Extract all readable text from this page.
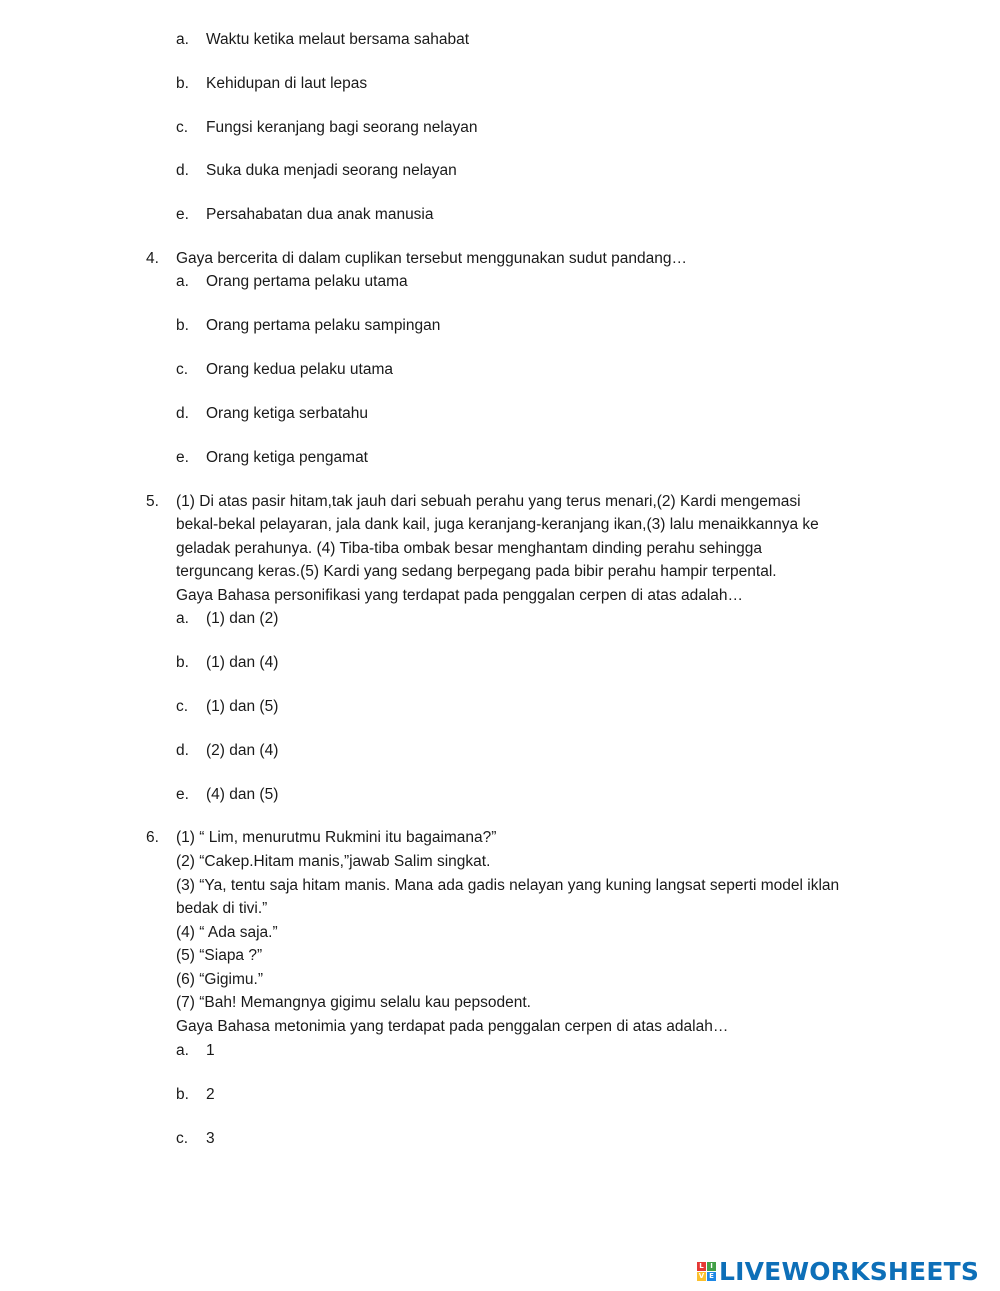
a. Waktu ketika melaut bersama sahabat
b. Kehidupan di laut lepas
c. Fungsi keranjang bagi seorang nelayan
d. Suka duka menjadi seorang nelayan
e. Persahabatan dua anak manusia
4. Gaya bercerita di dalam cuplikan tersebut menggunakan sudut pandang…
a. Orang pertama pelaku utama
b. Orang pertama pelaku sampingan
c. Orang kedua pelaku utama
d. Orang ketiga serbatahu
e. Orang ketiga pengamat
5. (1) Di atas pasir hitam,tak jauh dari sebuah perahu yang terus menari,(2) Kardi mengemasi
bekal-bekal pelayaran, jala dank kail, juga keranjang-keranjang ikan,(3) lalu menaikkannya ke
geladak perahunya. (4) Tiba-tiba ombak besar menghantam dinding perahu sehingga
terguncang keras.(5) Kardi yang sedang berpegang pada bibir perahu hampir terpental.
Gaya Bahasa personifikasi yang terdapat pada penggalan cerpen di atas adalah…
a. (1) dan (2)
b. (1) dan (4)
c. (1) dan (5)
d. (2) dan (4)
e. (4) dan (5)
6. (1) “ Lim, menurutmu Rukmini itu bagaimana?”
(2) “Cakep.Hitam manis,”jawab Salim singkat.
(3) “Ya, tentu saja hitam manis. Mana ada gadis nelayan yang kuning langsat seperti model iklan
bedak di tivi.”
(4) “ Ada saja.”
(5) “Siapa ?”
(6) “Gigimu.”
(7) “Bah! Memangnya gigimu selalu kau pepsodent.
Gaya Bahasa metonimia yang terdapat pada penggalan cerpen di atas adalah…
a. 1
b. 2
c. 3
L I
V E LIVEWORKSHEETS
